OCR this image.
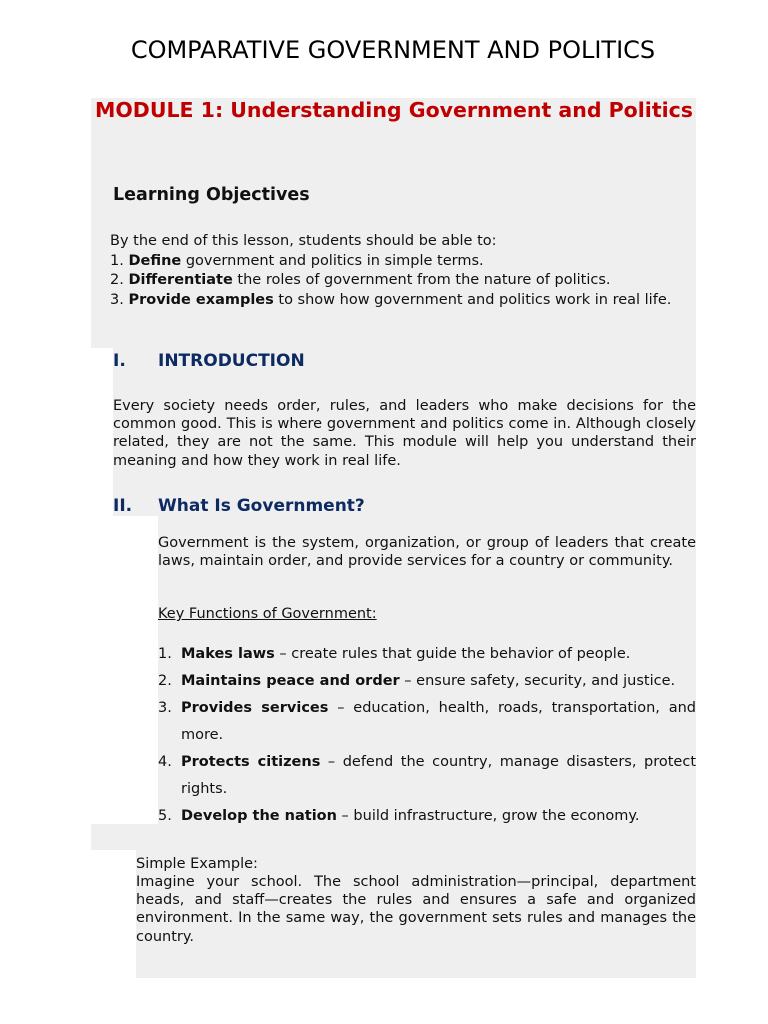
COMPARATIVE GOVERNMENT AND POLITICS
MODULE 1: Understanding Government and Politics
Learning Objectives
By the end of this lesson, students should be able to:
1. Define government and politics in simple terms.
2. Differentiate the roles of government from the nature of politics.
3. Provide examples to show how government and politics work in real life.
I. INTRODUCTION
Every society needs order, rules, and leaders who make decisions for the common good. This is where government and politics come in. Although closely related, they are not the same. This module will help you understand their meaning and how they work in real life.
II. What Is Government?
Government is the system, organization, or group of leaders that create laws, maintain order, and provide services for a country or community.
Key Functions of Government:
1. Makes laws – create rules that guide the behavior of people.
2. Maintains peace and order – ensure safety, security, and justice.
3. Provides services – education, health, roads, transportation, and more.
4. Protects citizens – defend the country, manage disasters, protect rights.
5. Develop the nation – build infrastructure, grow the economy.
Simple Example:
Imagine your school. The school administration—principal, department heads, and staff—creates the rules and ensures a safe and organized environment. In the same way, the government sets rules and manages the country.
